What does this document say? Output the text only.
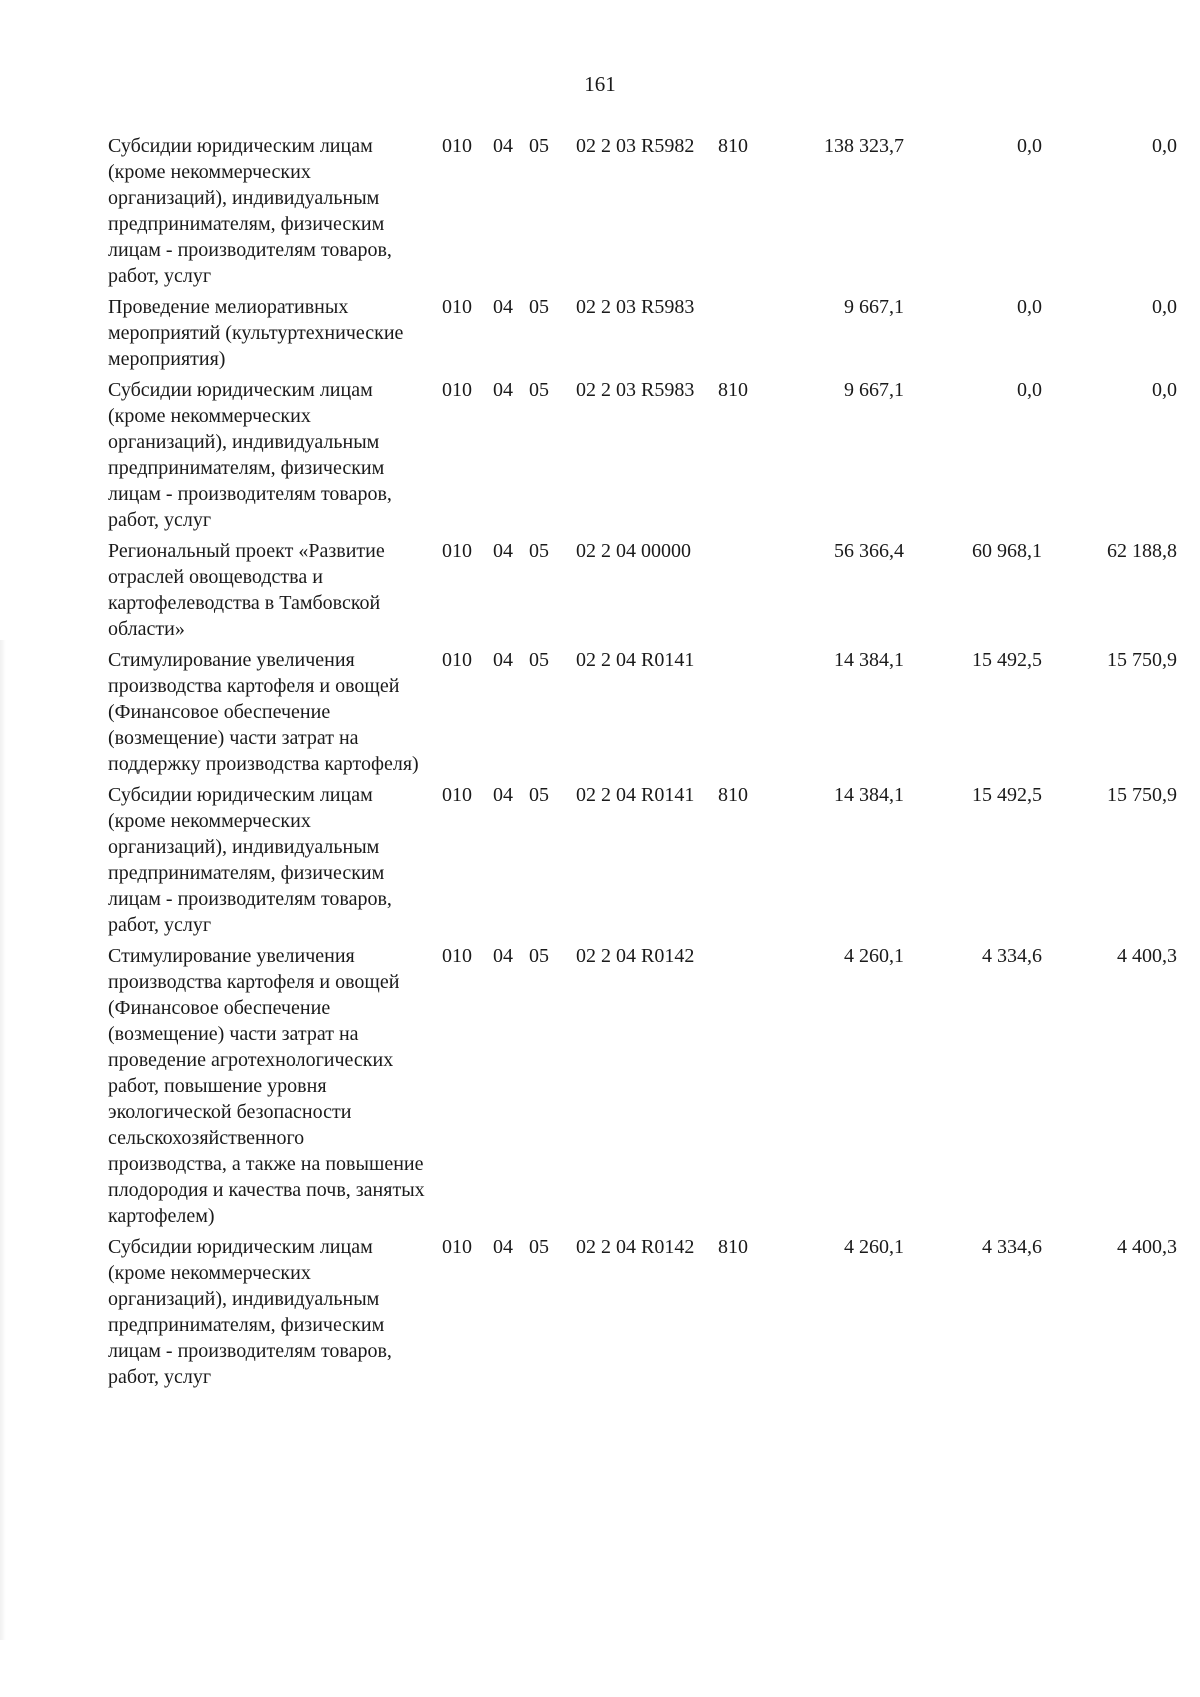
161
Субсидии юридическим лицам (кроме некоммерческих организаций), индивидуальным предпринимателям, физическим лицам - производителям товаров, работ, услуг
010 04 05 02 2 03 R5982 810	138 323,7	0,0	0,0
Проведение мелиоративных мероприятий (культуртехнические мероприятия)
010 04 05 02 2 03 R5983	9 667,1	0,0	0,0
Субсидии юридическим лицам (кроме некоммерческих организаций), индивидуальным предпринимателям, физическим лицам - производителям товаров, работ, услуг
010 04 05 02 2 03 R5983 810	9 667,1	0,0	0,0
Региональный проект «Развитие отраслей овощеводства и картофелеводства в Тамбовской области»
010 04 05 02 2 04 00000	56 366,4	60 968,1	62 188,8
Стимулирование увеличения производства картофеля и овощей (Финансовое обеспечение (возмещение) части затрат на поддержку производства картофеля)
010 04 05 02 2 04 R0141	14 384,1	15 492,5	15 750,9
Субсидии юридическим лицам (кроме некоммерческих организаций), индивидуальным предпринимателям, физическим лицам - производителям товаров, работ, услуг
010 04 05 02 2 04 R0141 810	14 384,1	15 492,5	15 750,9
Стимулирование увеличения производства картофеля и овощей (Финансовое обеспечение (возмещение) части затрат на проведение агротехнологических работ, повышение уровня экологической безопасности сельскохозяйственного производства, а также на повышение плодородия и качества почв, занятых картофелем)
010 04 05 02 2 04 R0142	4 260,1	4 334,6	4 400,3
Субсидии юридическим лицам (кроме некоммерческих организаций), индивидуальным предпринимателям, физическим лицам - производителям товаров, работ, услуг
010 04 05 02 2 04 R0142 810	4 260,1	4 334,6	4 400,3
